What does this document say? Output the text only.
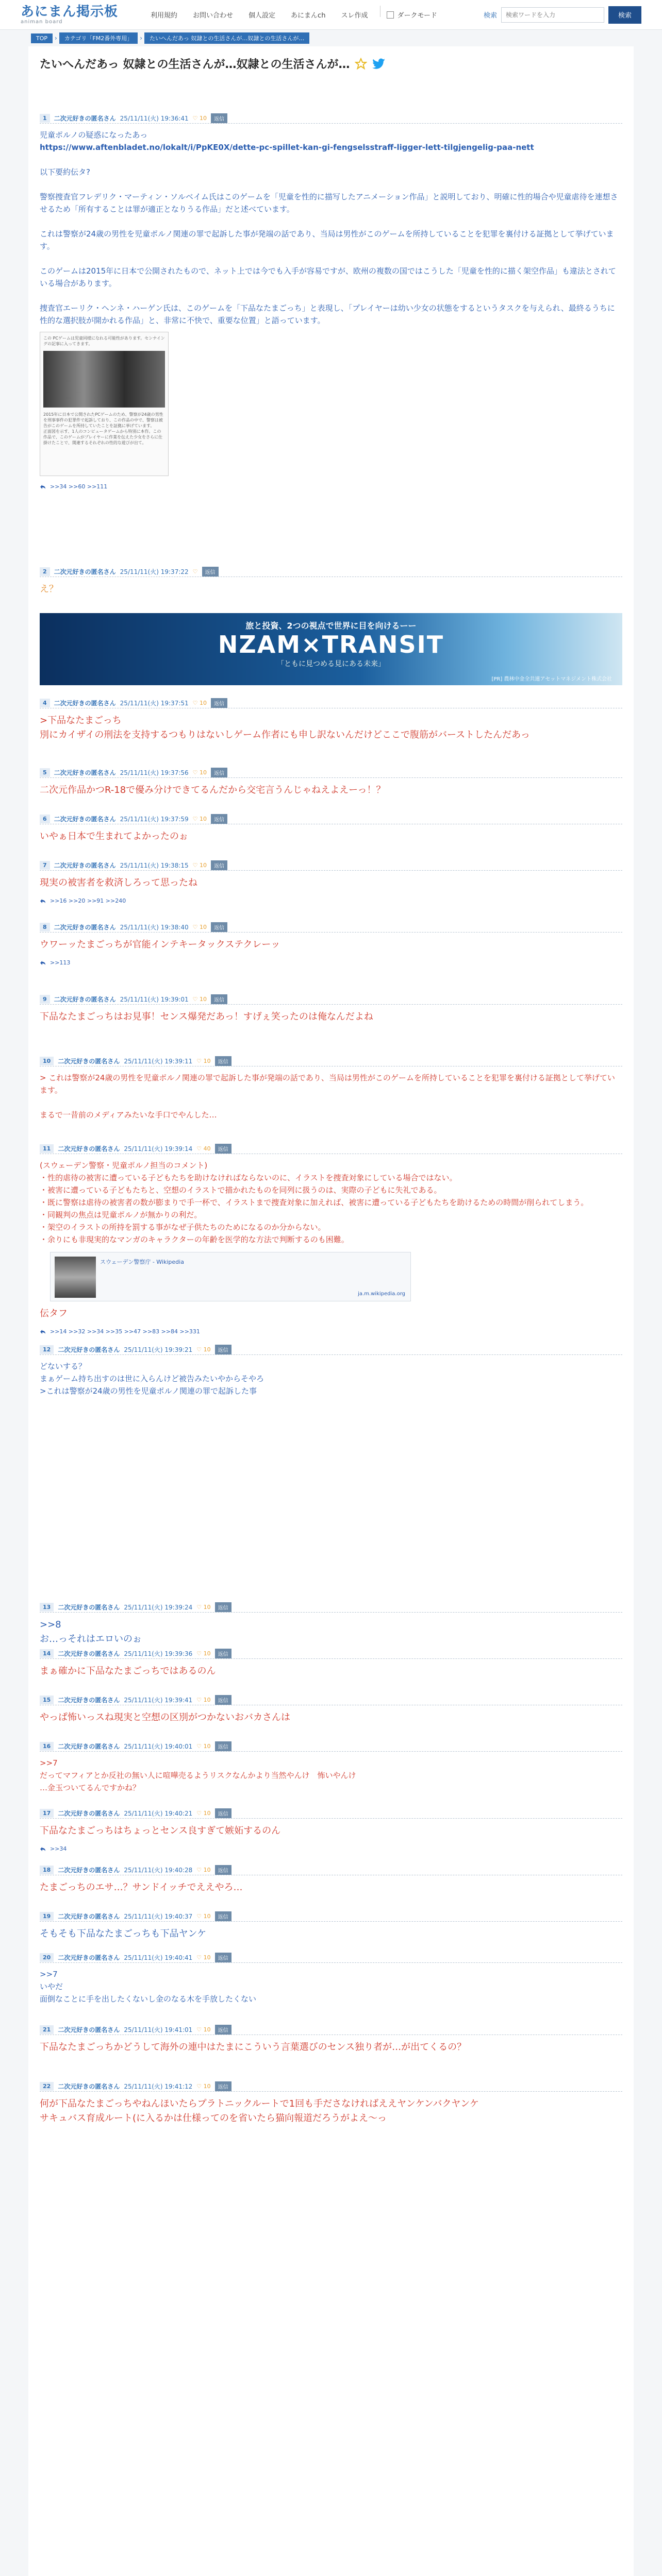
あにまん掲示板
animan board
利用規約	お問い合わせ	個人設定	あにまんch	スレ作成	ダークモード	検索
検索ワードを入力	検索
TOP	›	カテゴリ「FM2番外専用」	›	たいへんだあっ 奴隷との生活さんが…奴隷との生活さんが…
たいへんだあっ 奴隷との生活さんが…奴隷との生活さんが…
1	二次元好きの匿名さん 25/11/11(火) 19:36:41 ♡ 10	返信
児童ポルノの疑惑になったあっ
https://www.aftenbladet.no/lokalt/i/PpKE0X/dette-pc-spillet-kan-gi-fengselsstraff-ligger-lett-tilgjengelig-paa-nett

以下要約伝タ?

警察捜査官フレデリク・マーティン・ソルベイム氏はこのゲームを「児童を性的に描写したアニメーション作品」と説明しており、明確に性的場合や児童虐待を連想させるため「所有することは罪が適正となりうる作品」だと述べています。

これは警察が24歳の男性を児童ポルノ関連の罪で起訴した事が発端の話であり、当局は男性がこのゲームを所持していることを犯罪を裏付ける証拠として挙げています。

このゲームは2015年に日本で公開されたもので、ネット上では今でも入手が容易ですが、欧州の複数の国ではこうした「児童を性的に描く架空作品」も違法とされている場合があります。

捜査官エーリク・ヘンネ・ハーゲン氏は、このゲームを「下品なたまごっち」と表現し、「プレイヤーは幼い少女の状態をするというタスクを与えられ、最終るうちに性的な選択肢が開かれる作品」と、非常に不快で、重要な位置」と語っています。
この PCゲームは児童同様になれる可能性があります。センナイングの記事に入ってきます。
2015年に日本で公開されたPCゲームのため、警察が24歳の男性を刑事事件の犯罪件で起訴しており、この作品の中で、警察は被告がこのゲームを所持していたことを証拠に挙げています。
正面図を示す、1人のコンピュータゲームから特別に本作。この作品で、このゲームがプレイヤーに作業を伝えた少女をさらに仕掛けたことで、関連するそれぞれの性的な遊びが出て。
>>34 >>60 >>111
2	二次元好きの匿名さん 25/11/11(火) 19:37:22 ♡	返信
え？
4	二次元好きの匿名さん 25/11/11(火) 19:37:51 ♡ 10	返信
>下品なたまごっち
別にカイザイの刑法を支持するつもりはないしゲーム作者にも申し訳ないんだけどここで腹筋がバーストしたんだあっ
5	二次元好きの匿名さん 25/11/11(火) 19:37:56 ♡ 10	返信
二次元作品かつR-18で優み分けできてるんだから交宅言うんじゃねえよえーっ！？
6	二次元好きの匿名さん 25/11/11(火) 19:37:59 ♡ 10	返信
いやぁ日本で生まれてよかったのぉ
7	二次元好きの匿名さん 25/11/11(火) 19:38:15 ♡ 10	返信
現実の被害者を救済しろって思ったね
>>16 >>20 >>91 >>240
8	二次元好きの匿名さん 25/11/11(火) 19:38:40 ♡ 10	返信
ウワーッたまごっちが官能インテキータックステクレーッ
>>113
9	二次元好きの匿名さん 25/11/11(火) 19:39:01 ♡ 10	返信
下品なたまごっちはお見事！センス爆発だあっ！すげぇ笑ったのは俺なんだよね
10	二次元好きの匿名さん 25/11/11(火) 19:39:11 ♡ 10	返信
> これは警察が24歳の男性を児童ポルノ関連の罪で起訴した事が発端の話であり、当局は男性がこのゲームを所持していることを犯罪を裏付ける証拠として挙げています。

まるで一昔前のメディアみたいな手口でやんした…
11	二次元好きの匿名さん 25/11/11(火) 19:39:14 ♡ 40	返信
(スウェーデン警察・児童ポルノ担当のコメント)
・性的虐待の被害に遭っている子どもたちを助けなければならないのに、イラストを捜査対象にしている場合ではない。
・被害に遭っている子どもたちと、空想のイラストで描かれたものを同列に扱うのは、実際の子どもに失礼である。
・既に警察は虐待の被害者の数が膨まりで手一杯で、イラストまで捜査対象に加えれば、被害に遭っている子どもたちを助けるための時間が削られてしまう。
・同観判の焦点は児童ポルノが無かりの利だ。
・架空のイラストの所持を罰する事がなぜ子供たちのためになるのか分からない。
・余りにも非現実的なマンガのキャラクターの年齢を医学的な方法で判断するのも困難。
スウェーデン警察庁 - Wikipedia
ja.m.wikipedia.org
伝タフ
>>14 >>32 >>34 >>35 >>47 >>83 >>84 >>331
12	二次元好きの匿名さん 25/11/11(火) 19:39:21 ♡ 10	返信
どないする？
まぁゲーム持ち出すのは世に入らんけど被告みたいやからそやろ
>これは警察が24歳の男性を児童ポルノ関連の罪で起訴した事
13	二次元好きの匿名さん 25/11/11(火) 19:39:24 ♡ 10	返信
>>8
お…っそれはエロいのぉ
14	二次元好きの匿名さん 25/11/11(火) 19:39:36 ♡ 10	返信
まぁ確かに下品なたまごっちではあるのん
15	二次元好きの匿名さん 25/11/11(火) 19:39:41 ♡ 10	返信
やっぱ怖いっスね現実と空想の区別がつかないおバカさんは
16	二次元好きの匿名さん 25/11/11(火) 19:40:01 ♡ 10	返信
>>7
だってマフィアとか反社の無い人に喧嘩売るようリスクなんかより当然やんけ　怖いやんけ
…金玉ついてるんですかね？
17	二次元好きの匿名さん 25/11/11(火) 19:40:21 ♡ 10	返信
下品なたまごっちはちょっとセンス良すぎて嫉妬するのん
>>34
18	二次元好きの匿名さん 25/11/11(火) 19:40:28 ♡ 10	返信
たまごっちのエサ…？サンドイッチでええやろ…
19	二次元好きの匿名さん 25/11/11(火) 19:40:37 ♡ 10	返信
そもそも下品なたまごっちも下品ヤンケ
20	二次元好きの匿名さん 25/11/11(火) 19:40:41 ♡ 10	返信
>>7
いやだ
面倒なことに手を出したくないし金のなる木を手放したくない
21	二次元好きの匿名さん 25/11/11(火) 19:41:01 ♡ 10	返信
下品なたまごっちかどうして海外の連中はたまにこういう言葉選びのセンス独り者が…が出てくるの？
22	二次元好きの匿名さん 25/11/11(火) 19:41:12 ♡ 10	返信
何が下品なたまごっちやねんほいたらプラトニックルートで1回も手ださなければええヤンケンバクヤンケ
サキュバス育成ルート(に入るかは仕様ってのを省いたら猫向報道だろうがよえ〜っ
旅と投資、2つの視点で世界に目を向けるーー
NZAM×TRANSIT
「ともに見つめる見にある未来」
[PR] 農林中金全共連アセットマネジメント株式会社
